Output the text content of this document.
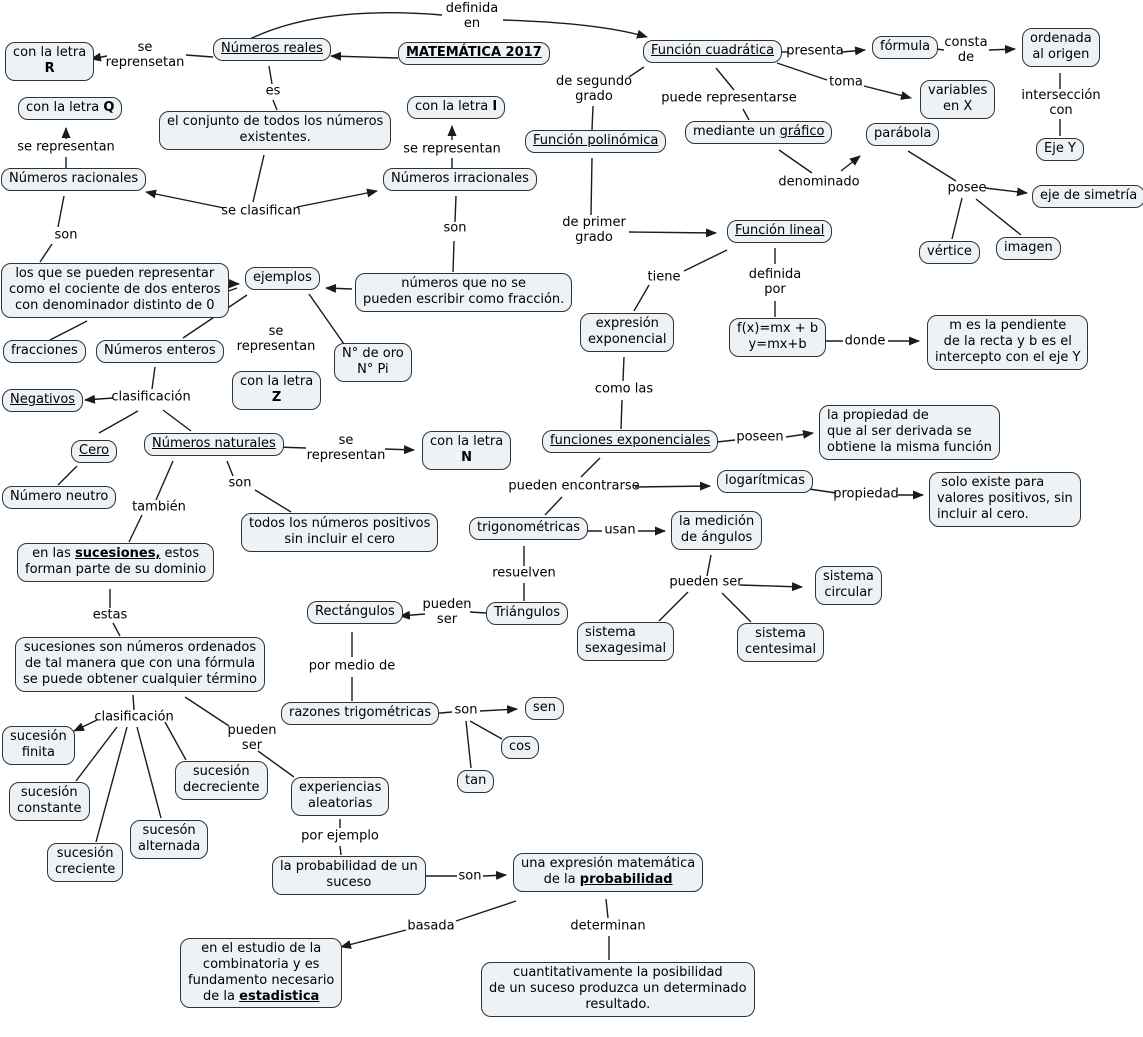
con la letra
R
Números reales	MATEMÁTICA 2017	Función cuadrática	fórmula
ordenada
al origen
con la letra Q
variables
en X
el conjunto de todos los números
existentes.
con la letra I
Función polinómica
mediante un gráfico	parábola
Eje Y
Números racionales	Números irracionales
eje de simetría
Función lineal
vértice imagen
los que se pueden representar
como el cociente de dos enteros
con denominador distinto de 0
ejemplos	números que no se
pueden escribir como fracción.
expresión
exponencial
f(x)=mx + b
y=mx+b
m es la pendiente
de la recta y b es el
intercepto con el eje Y
fracciones Números enteros	N° de oro
N° Pi
con la letra
Z
Negativos
la propiedad de
que al ser derivada se
obtiene la misma función
Cero	Números naturales	con la letra
N
funciones exponenciales
logarítmicas	solo existe para
valores positivos, sin
incluir al cero.
Número neutro
todos los números positivos
sin incluir el cero
trigonométricas	la medición
de ángulos
en las sucesiones, estos
forman parte de su dominio	sistema
circular
Rectángulos	Triángulos
sistema
sexagesimal
sistema
centesimal
sucesiones son números ordenados
de tal manera que con una fórmula
se puede obtener cualquier término
razones trigométricas	sen
sucesión
finita	cos
sucesión
decreciente	tan
experiencias
aleatorias
sucesión
constante
sucesón
alternada
sucesión
creciente	la probabilidad de un
suceso
una expresión matemática
de la probabilidad
en el estudio de la
combinatoria y es
fundamento necesario
de la estadistica
cuantitativamente la posibilidad
de un suceso produzca un determinado
resultado.
se
reprensetan
definida
en
es
se clasifican
se representan
son
de segundo
grado	puede representarse
presenta
consta
de
toma
intersección
con
se representan
denominado	posee
de primer
grado
son
tiene	definida
por
donde
se
representan
clasificación
como las
se
representan
poseen
pueden encontrarse
propiedad
usan
también
son
resuelven
pueden ser
estas
pueden
ser
por medio de
clasificación	son
pueden
ser
por ejemplo
son
basada	determinan
